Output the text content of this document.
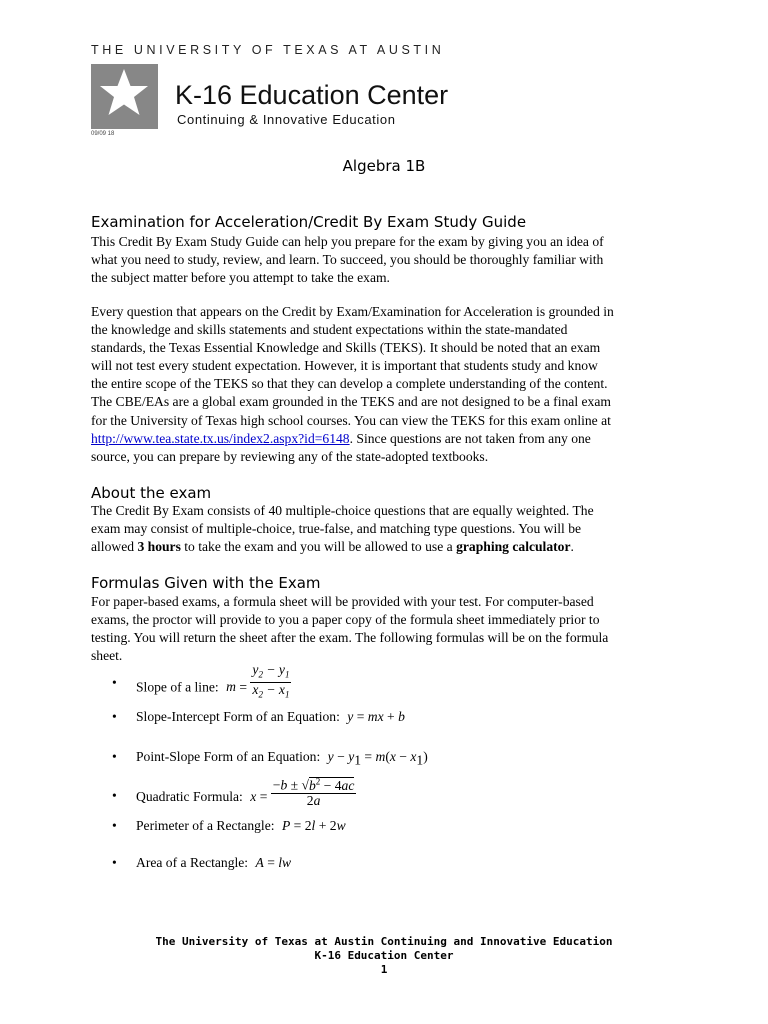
THE UNIVERSITY OF TEXAS AT AUSTIN
09/09 18
K-16 Education Center
Continuing & Innovative Education
Algebra 1B
Examination for Acceleration/Credit By Exam Study Guide
This Credit By Exam Study Guide can help you prepare for the exam by giving you an idea of
what you need to study, review, and learn. To succeed, you should be thoroughly familiar with
the subject matter before you attempt to take the exam.
Every question that appears on the Credit by Exam/Examination for Acceleration is grounded in
the knowledge and skills statements and student expectations within the state-mandated
standards, the Texas Essential Knowledge and Skills (TEKS). It should be noted that an exam
will not test every student expectation. However, it is important that students study and know
the entire scope of the TEKS so that they can develop a complete understanding of the content.
The CBE/EAs are a global exam grounded in the TEKS and are not designed to be a final exam
for the University of Texas high school courses. You can view the TEKS for this exam online at
http://www.tea.state.tx.us/index2.aspx?id=6148. Since questions are not taken from any one
source, you can prepare by reviewing any of the state-adopted textbooks.
About the exam
The Credit By Exam consists of 40 multiple-choice questions that are equally weighted. The
exam may consist of multiple-choice, true-false, and matching type questions. You will be
allowed 3 hours to take the exam and you will be allowed to use a graphing calculator.
Formulas Given with the Exam
For paper-based exams, a formula sheet will be provided with your test. For computer-based
exams, the proctor will provide to you a paper copy of the formula sheet immediately prior to
testing. You will return the sheet after the exam. The following formulas will be on the formula
sheet.
• Slope of a line: $m = \frac{y_2 - y_1}{x_2 - x_1}$
• Slope-Intercept Form of an Equation: y = mx + b
• Point-Slope Form of an Equation: $y - y_1 = m(x - x_1)$
• Quadratic Formula: $x = \frac{-b \pm √b^2 - 4ac}{2a}$
• Perimeter of a Rectangle: P = 2l + 2w
• Area of a Rectangle: A = lw
The University of Texas at Austin Continuing and Innovative Education
K-16 Education Center
1
